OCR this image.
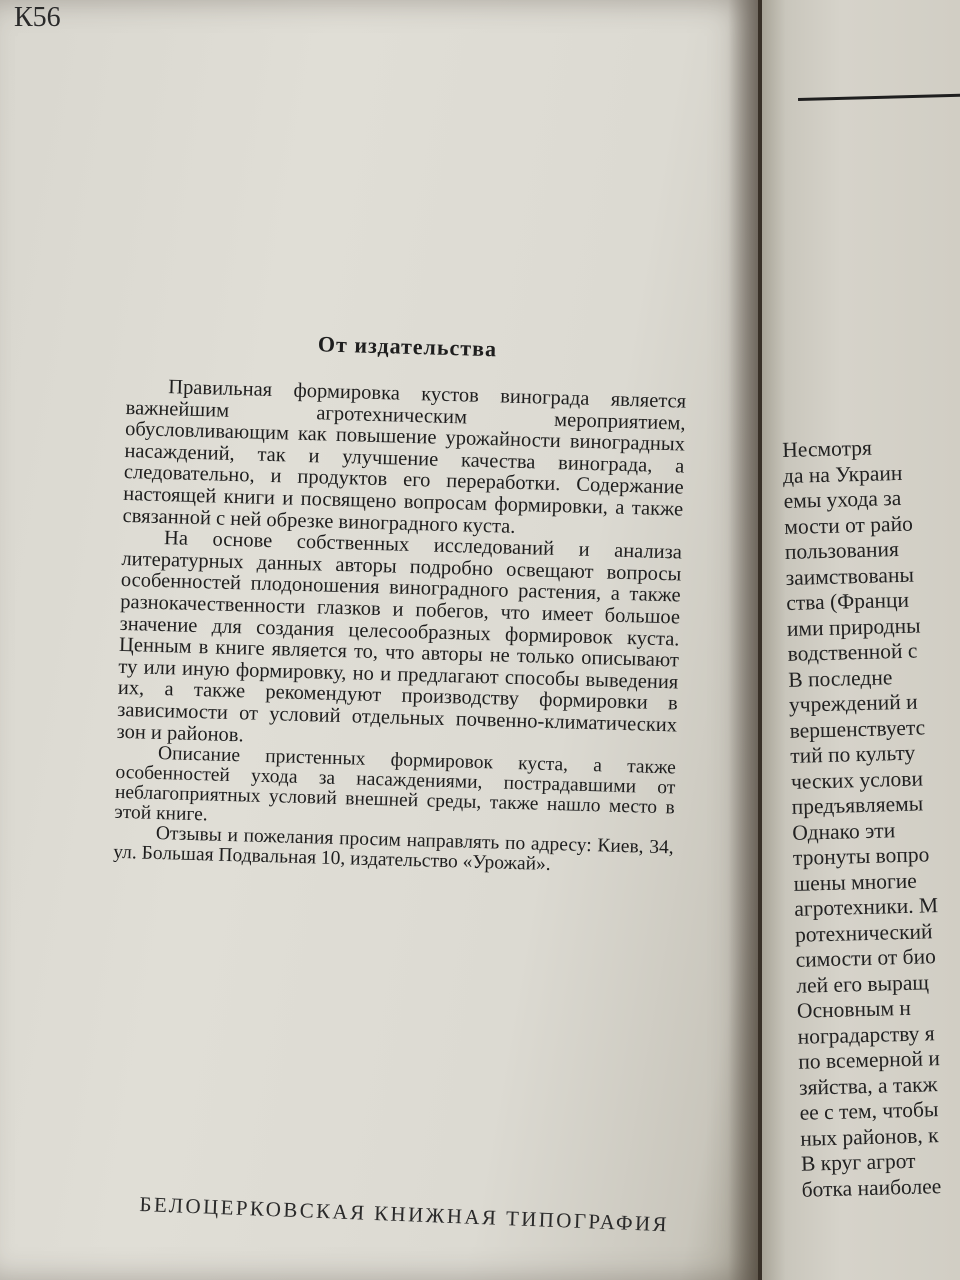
К56
От издательства

Правильная формировка кустов винограда является важнейшим агротехническим мероприятием, обусловливающим как повышение урожайности виноградных насаждений, так и улучшение качества винограда, а следовательно, и продуктов его переработки. Содержание настоящей книги и посвящено вопросам формировки, а также связанной с ней обрезке виноградного куста.

На основе собственных исследований и анализа литературных данных авторы подробно освещают вопросы особенностей плодоношения виноградного растения, а также разнокачественности глазков и побегов, что имеет большое значение для создания целесообразных формировок куста. Ценным в книге является то, что авторы не только описывают ту или иную формировку, но и предлагают способы выведения их, а также рекомендуют производству формировки в зависимости от условий отдельных почвенно-климатических зон и районов.

Описание пристенных формировок куста, а также особенностей ухода за насаждениями, пострадавшими от неблагоприятных условий внешней среды, также нашло место в этой книге.

Отзывы и пожелания просим направлять по адресу: Киев, 34, ул. Большая Подвальная 10, издательство «Урожай».

БЕЛОЦЕРКОВСКАЯ КНИЖНАЯ ТИПОГРАФИЯ
Несмотря
да на Украин
емы ухода за
мости от райо
пользования
заимствованы
ства (Франци
ими природны
водственной с
В последне
учреждений и
вершенствуетс
тий по культу
ческих услови
предъявляемы
Однако эти
тронуты вопро
шены многие
агротехники. М
ротехнический
симости от био
лей его выращ
Основным н
ноградарству я
по всемерной и
зяйства, а такж
ее с тем, чтобы
ных районов, к
В круг агрот
ботка наиболее
